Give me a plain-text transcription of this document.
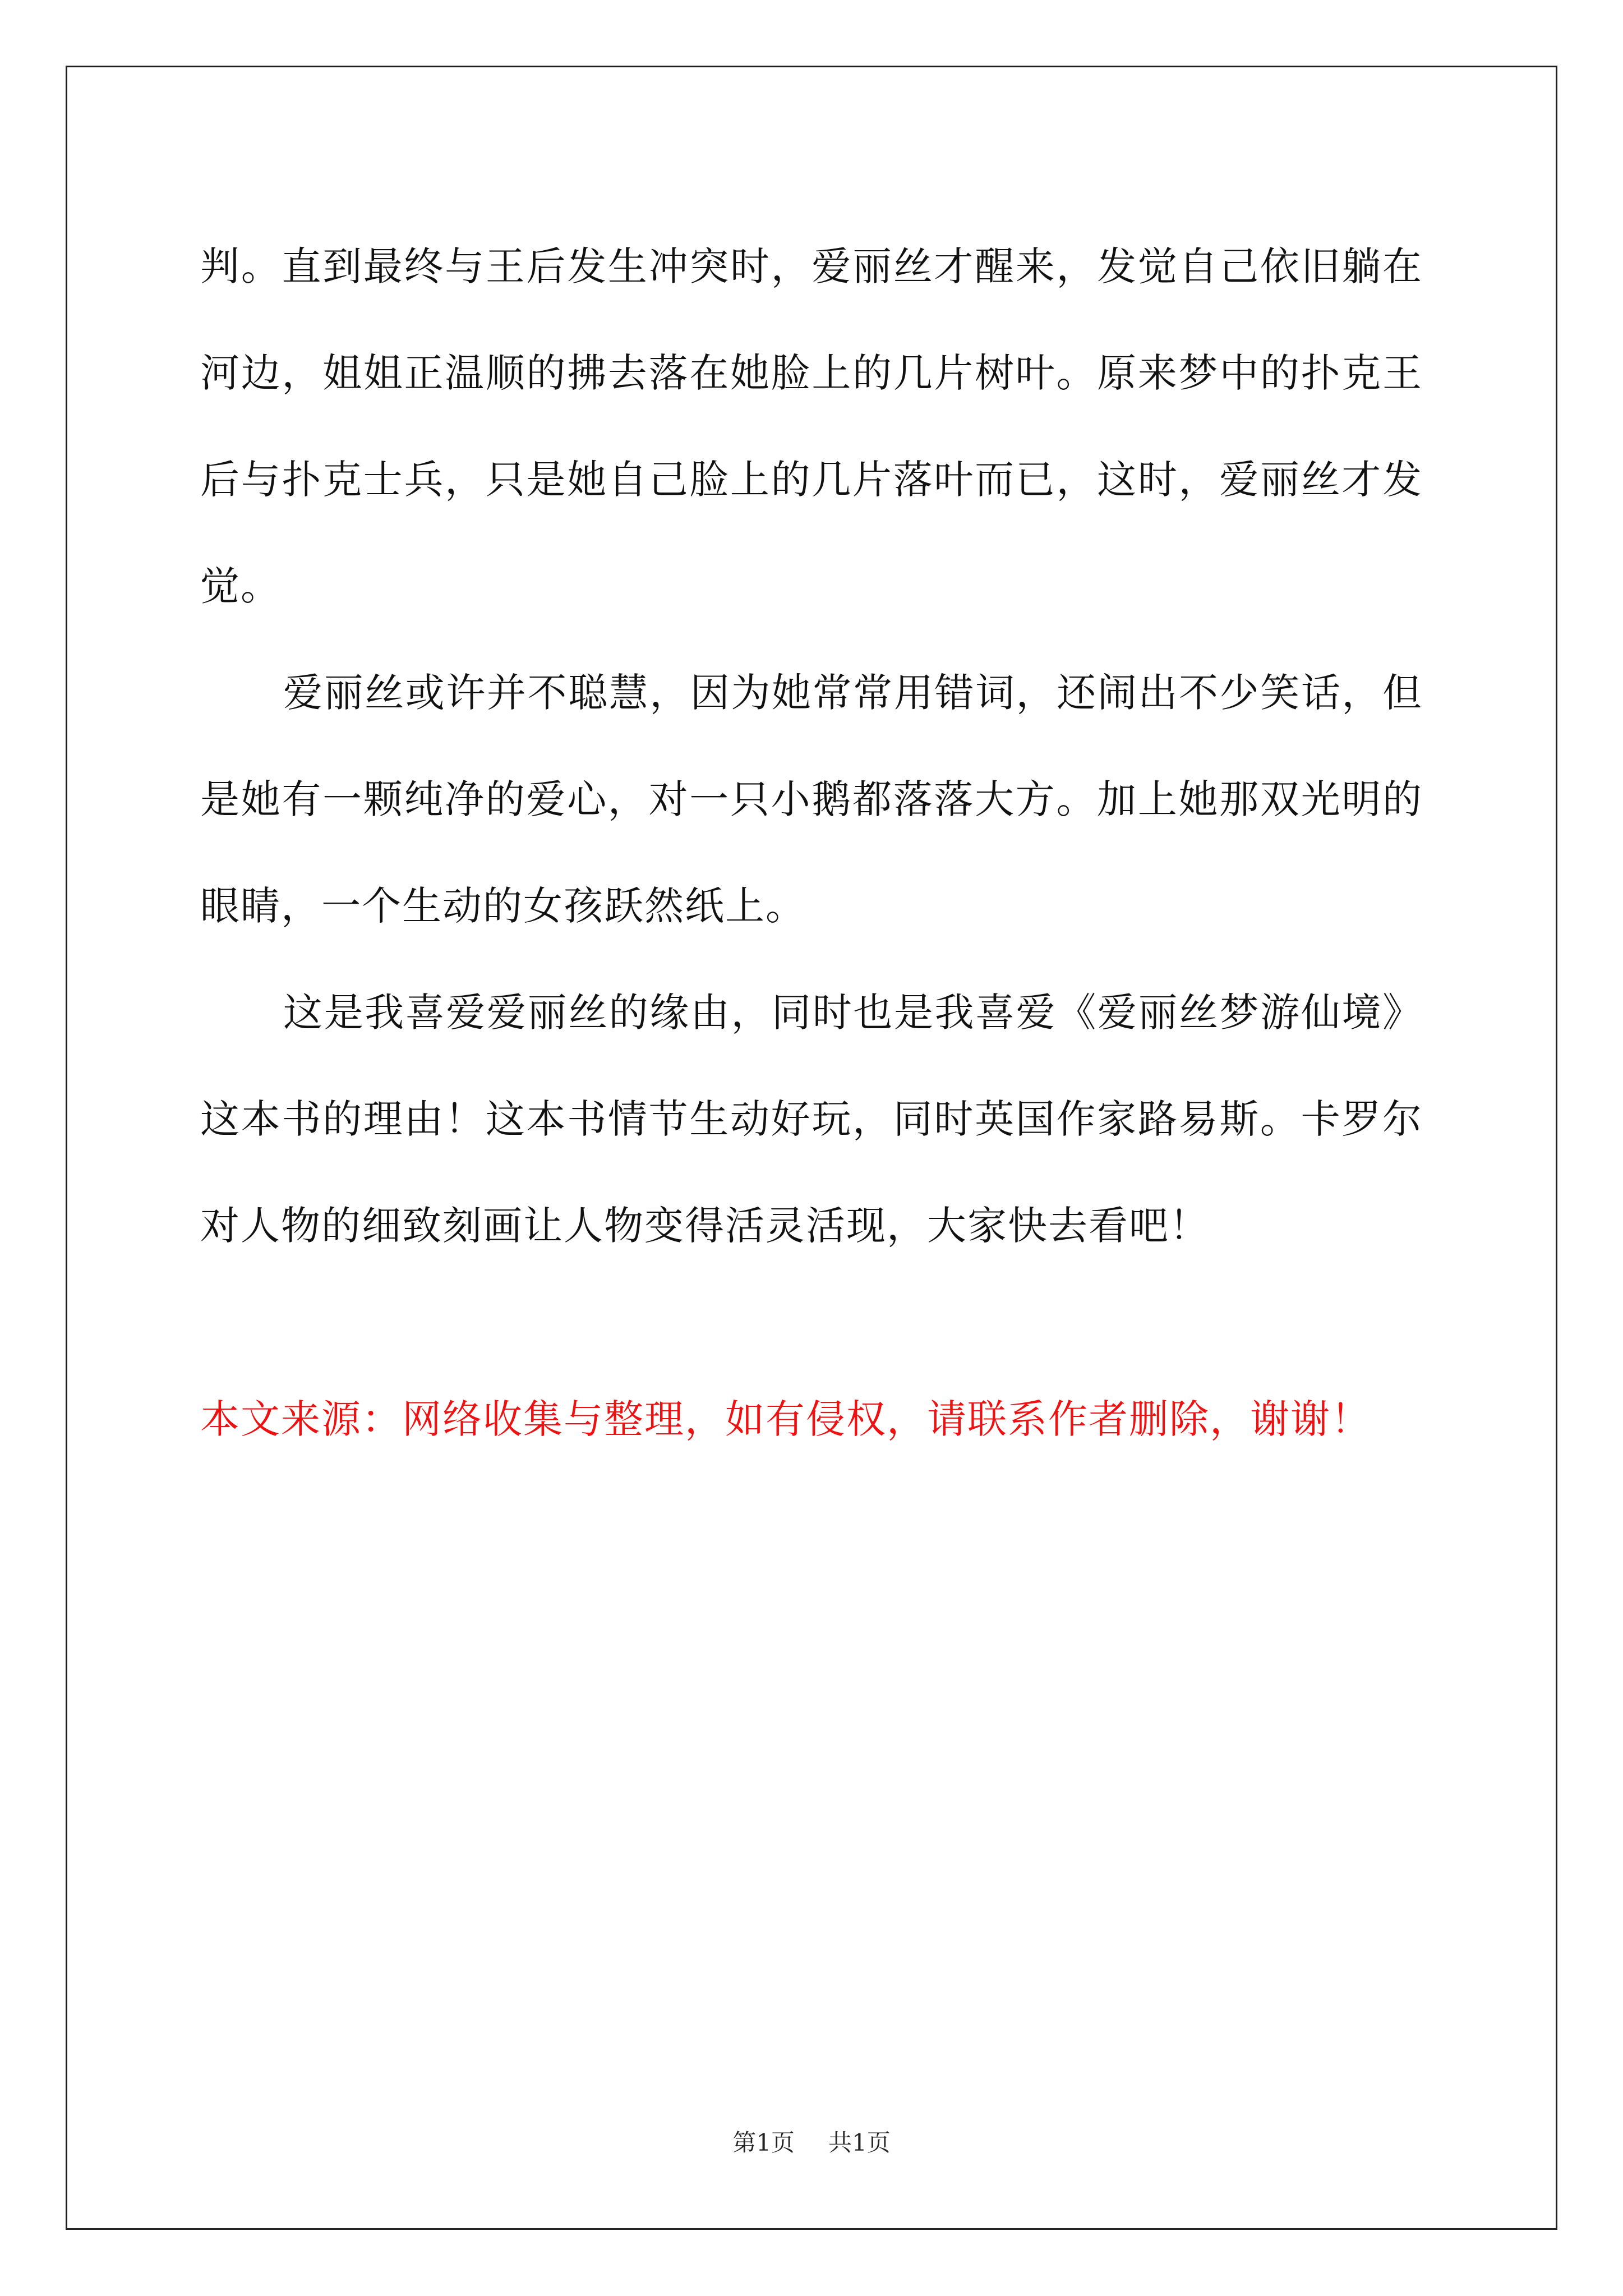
判。直到最终与王后发生冲突时，爱丽丝才醒来，发觉自己依旧躺在河边，姐姐正温顺的拂去落在她脸上的几片树叶。原来梦中的扑克王后与扑克士兵，只是她自己脸上的几片落叶而已，这时，爱丽丝才发觉。

爱丽丝或许并不聪慧，因为她常常用错词，还闹出不少笑话，但是她有一颗纯净的爱心，对一只小鹅都落落大方。加上她那双光明的眼睛，一个生动的女孩跃然纸上。

这是我喜爱爱丽丝的缘由，同时也是我喜爱《爱丽丝梦游仙境》这本书的理由！这本书情节生动好玩，同时英国作家路易斯。卡罗尔对人物的细致刻画让人物变得活灵活现，大家快去看吧！

本文来源：网络收集与整理，如有侵权，请联系作者删除，谢谢！
第1页 共1页
